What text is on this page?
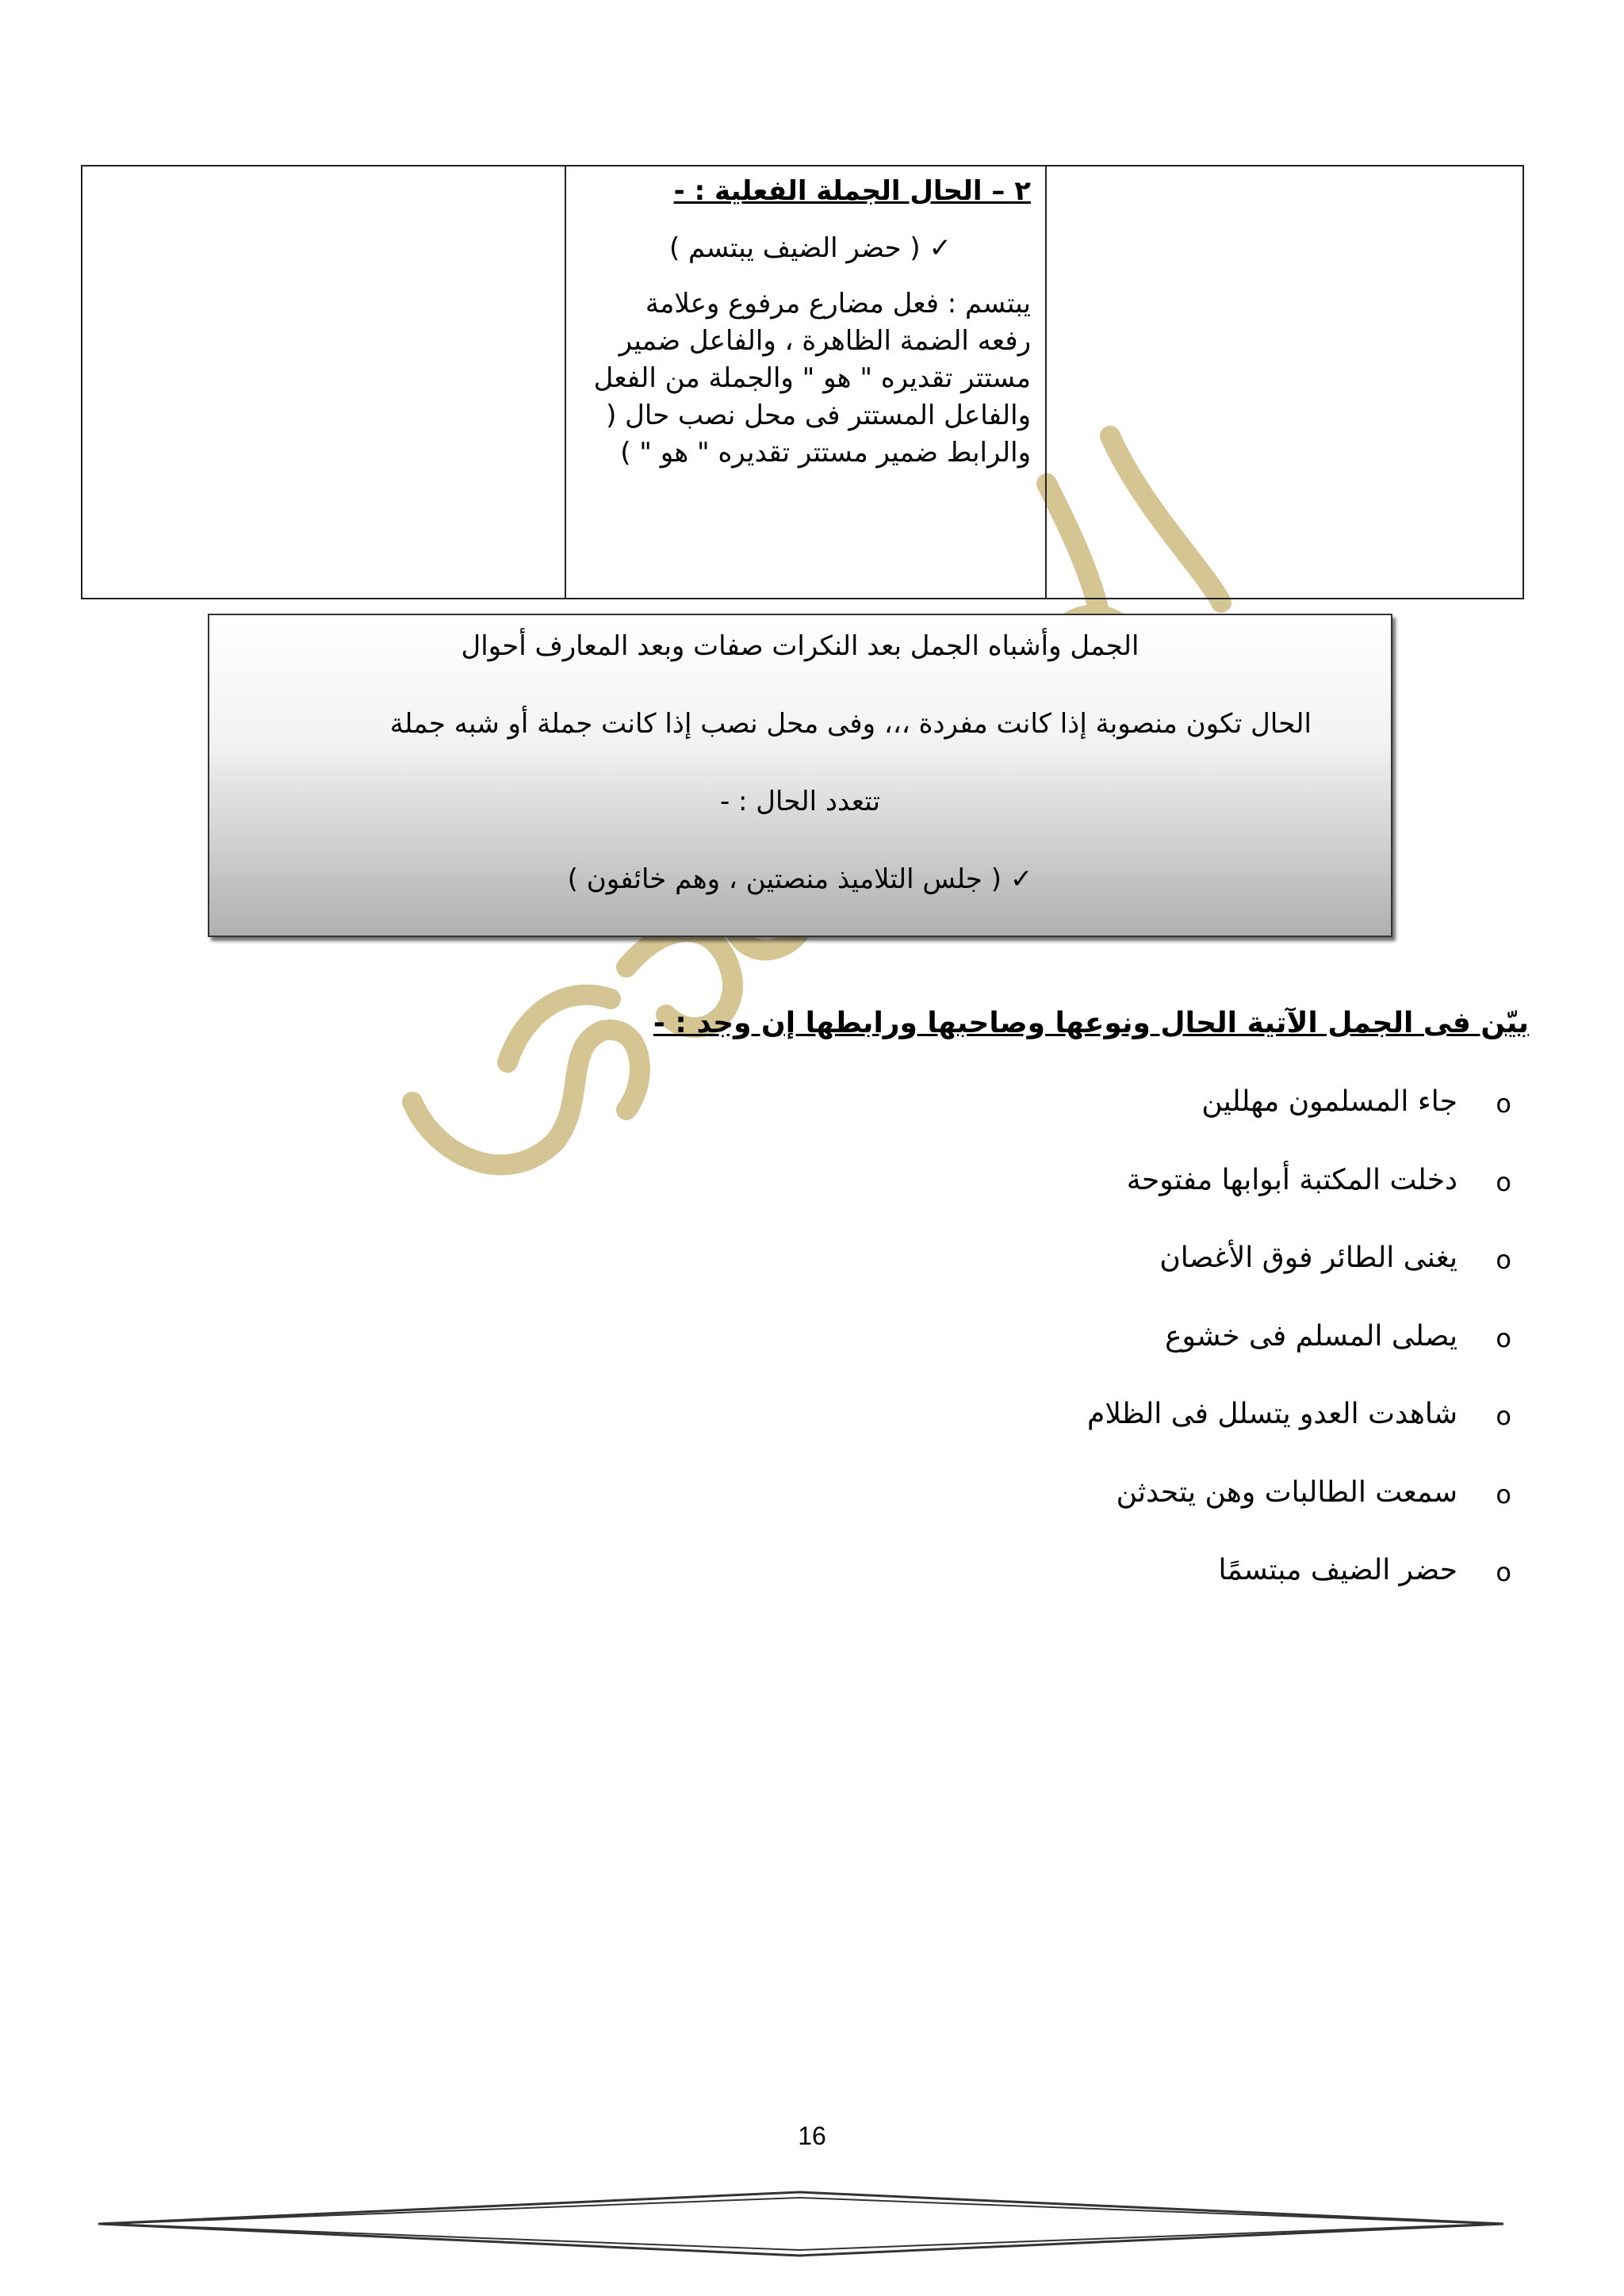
٢ – الحال الجملة الفعلية : -
✓ ( حضر الضيف يبتسم )
يبتسم : فعل مضارع مرفوع وعلامة رفعه الضمة الظاهرة ، والفاعل ضمير مستتر تقديره " هو " والجملة من الفعل والفاعل المستتر فى محل نصب حال ( والرابط ضمير مستتر تقديره " هو " )
الجمل وأشباه الجمل بعد النكرات صفات وبعد المعارف أحوال
الحال تكون منصوبة إذا كانت مفردة ،،، وفى محل نصب إذا كانت جملة أو شبه جملة
تتعدد الحال : -
✓ ( جلس التلاميذ منصتين ، وهم خائفون )
بيّن فى الجمل الآتية الحال ونوعها وصاحبها ورابطها إن وجد : -
o
جاء المسلمون مهللين
o
دخلت المكتبة أبوابها مفتوحة
o
يغنى الطائر فوق الأغصان
o
يصلى المسلم فى خشوع
o
شاهدت العدو يتسلل فى الظلام
o
سمعت الطالبات وهن يتحدثن
o
حضر الضيف مبتسمًا
16
